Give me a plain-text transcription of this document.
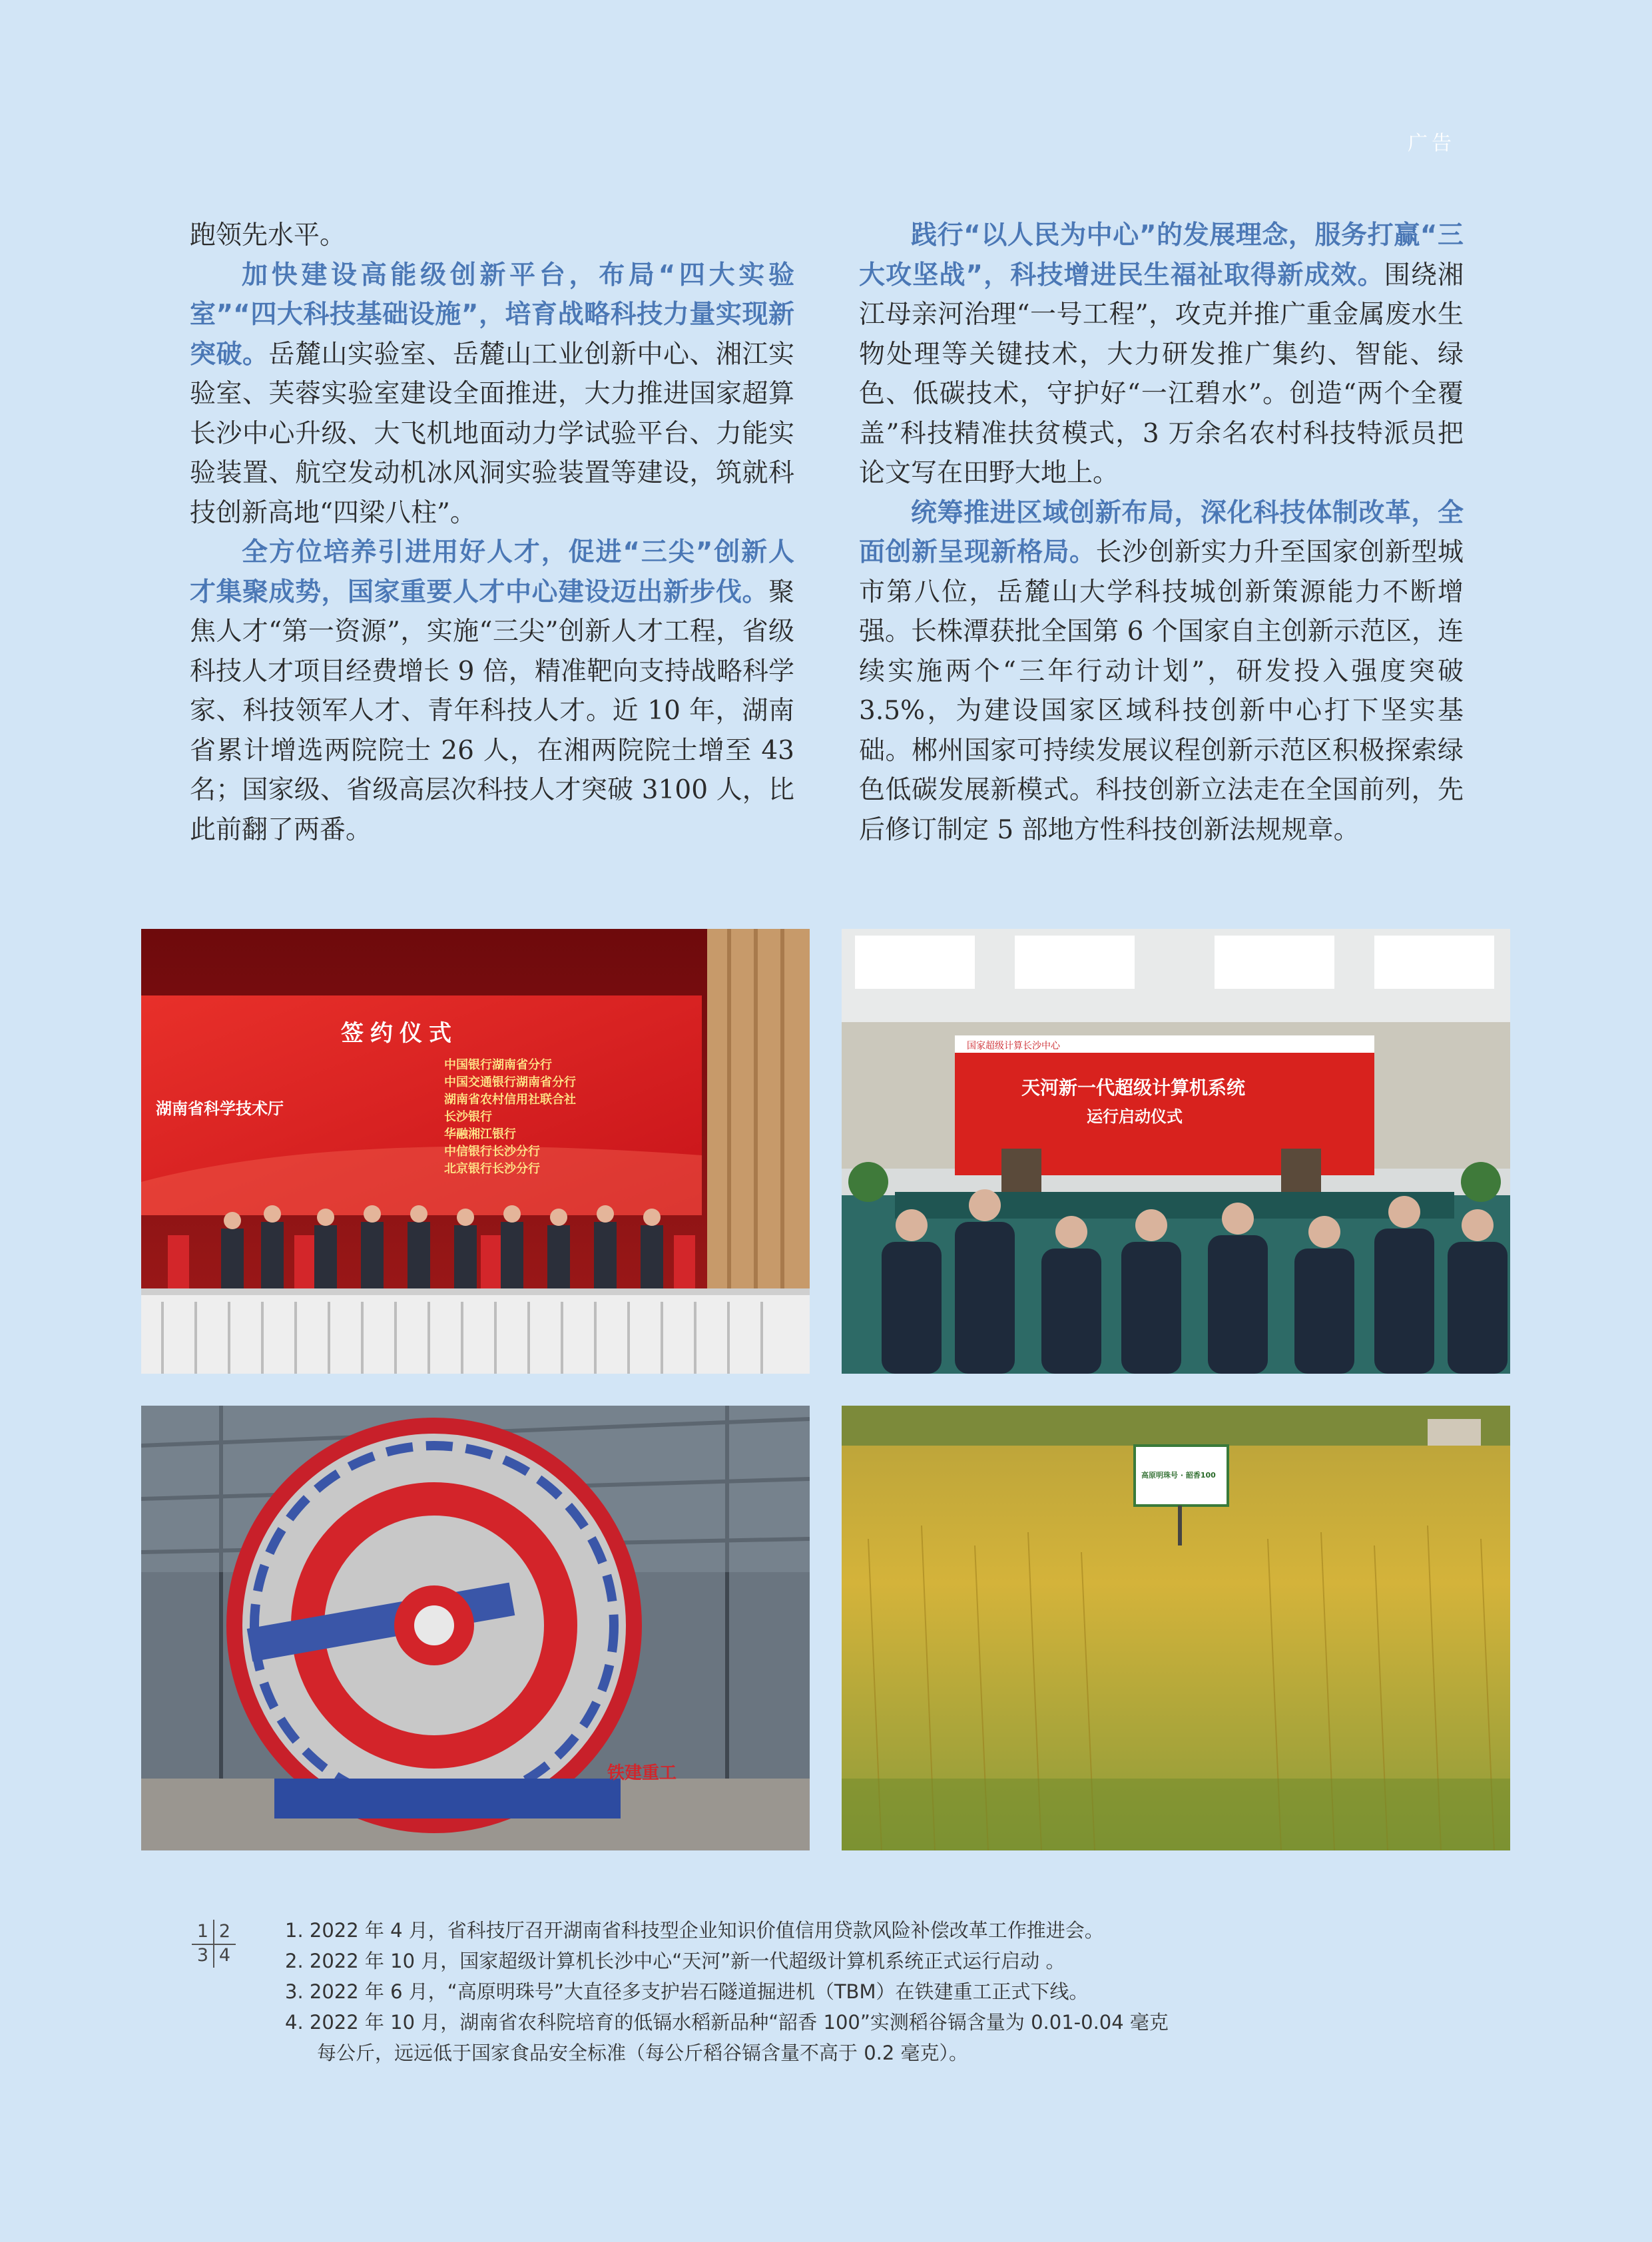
广告

跑领先水平。

加快建设高能级创新平台，布局“四大实验室”“四大科技基础设施”，培育战略科技力量实现新突破。岳麓山实验室、岳麓山工业创新中心、湘江实验室、芙蓉实验室建设全面推进，大力推进国家超算长沙中心升级、大飞机地面动力学试验平台、力能实验装置、航空发动机冰风洞实验装置等建设，筑就科技创新高地“四梁八柱”。

全方位培养引进用好人才，促进“三尖”创新人才集聚成势，国家重要人才中心建设迈出新步伐。聚焦人才“第一资源”，实施“三尖”创新人才工程，省级科技人才项目经费增长 9 倍，精准靶向支持战略科学家、科技领军人才、青年科技人才。近 10 年，湖南省累计增选两院院士 26 人，在湘两院院士增至 43 名；国家级、省级高层次科技人才突破 3100 人，比此前翻了两番。

践行“以人民为中心”的发展理念，服务打赢“三大攻坚战”，科技增进民生福祉取得新成效。围绕湘江母亲河治理“一号工程”，攻克并推广重金属废水生物处理等关键技术，大力研发推广集约、智能、绿色、低碳技术，守护好“一江碧水”。创造“两个全覆盖”科技精准扶贫模式，3 万余名农村科技特派员把论文写在田野大地上。

统筹推进区域创新布局，深化科技体制改革，全面创新呈现新格局。长沙创新实力升至国家创新型城市第八位，岳麓山大学科技城创新策源能力不断增强。长株潭获批全国第 6 个国家自主创新示范区，连续实施两个“三年行动计划”，研发投入强度突破 3.5%，为建设国家区域科技创新中心打下坚实基础。郴州国家可持续发展议程创新示范区积极探索绿色低碳发展新模式。科技创新立法走在全国前列，先后修订制定 5 部地方性科技创新法规规章。

签约仪式
湖南省科学技术厅
中国银行湖南省分行
中国交通银行湖南省分行
湖南省农村信用社联合社
长沙银行
华融湘江银行
中信银行长沙分行
北京银行长沙分行
国家超级计算长沙中心
天河新一代超级计算机系统
运行启动仪式
铁建重工
高原明珠号 · 韶香100
1 2
3 4
1. 2022 年 4 月，省科技厅召开湖南省科技型企业知识价值信用贷款风险补偿改革工作推进会。
2. 2022 年 10 月，国家超级计算机长沙中心“天河”新一代超级计算机系统正式运行启动 。
3. 2022 年 6 月，“高原明珠号”大直径多支护岩石隧道掘进机（TBM）在铁建重工正式下线。
4. 2022 年 10 月，湖南省农科院培育的低镉水稻新品种“韶香 100”实测稻谷镉含量为 0.01-0.04 毫克
每公斤，远远低于国家食品安全标准（每公斤稻谷镉含量不高于 0.2 毫克）。
